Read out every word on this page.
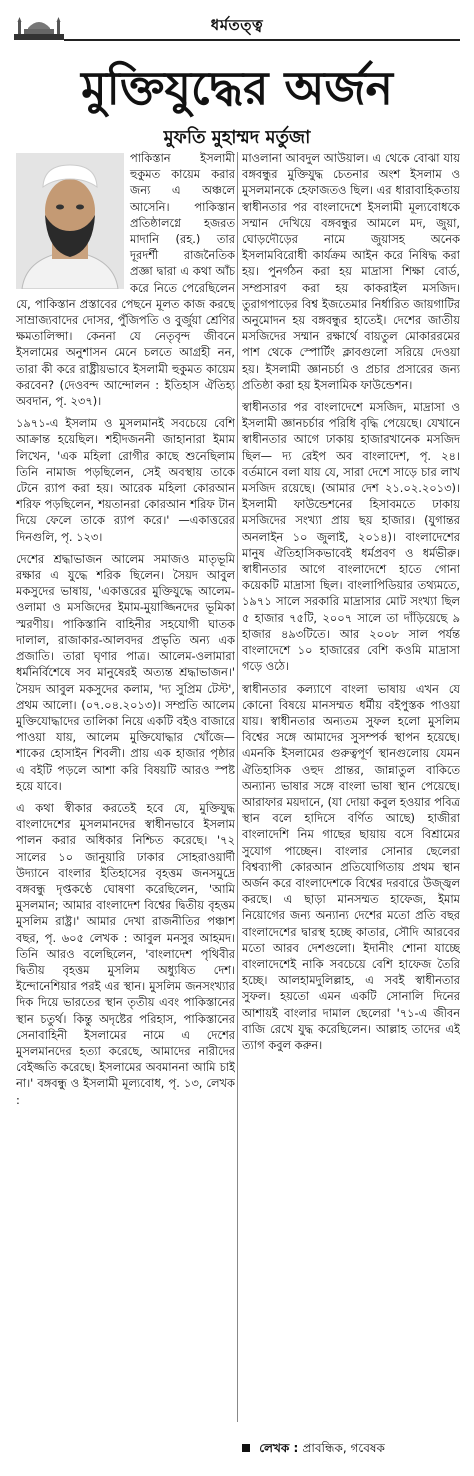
ধর্মতত্ত্ব
মুক্তিযুদ্ধের অর্জন
মুফতি মুহাম্মদ মর্তুজা

পাকিস্তান ইসলামী হুকুমত কায়েম করার জন্য এ অঞ্চলে আসেনি। পাকিস্তান প্রতিষ্ঠালগ্নে হজরত মাদানি (রহ.) তার দূরদর্শী রাজনৈতিক প্রজ্ঞা দ্বারা এ কথা আঁচ করে নিতে পেরেছিলেন যে, পাকিস্তান প্রস্তাবের পেছনে মূলত কাজ করছে সাম্রাজ্যবাদের দোসর, পুঁজিপতি ও বুর্জুয়া শ্রেণির ক্ষমতালিপ্সা। কেননা যে নেতৃবৃন্দ জীবনে ইসলামের অনুশাসন মেনে চলতে আগ্রহী নন, তারা কী করে রাষ্ট্রীয়ভাবে ইসলামী হুকুমত কায়েম করবেন? (দেওবন্দ আন্দোলন : ইতিহাস ঐতিহ্য অবদান, পৃ. ২৩৭)।

১৯৭১-এ ইসলাম ও মুসলমানই সবচেয়ে বেশি আক্রান্ত হয়েছিল। শহীদজননী জাহানারা ইমাম লিখেন, 'এক মহিলা রোগীর কাছে শুনেছিলাম তিনি নামাজ পড়ছিলেন, সেই অবস্থায় তাকে টেনে র‌্যাপ করা হয়। আরেক মহিলা কোরআন শরিফ পড়ছিলেন, শয়তানরা কোরআন শরিফ টান দিয়ে ফেলে তাকে র‌্যাপ করে।' —একাত্তরের দিনগুলি, পৃ. ১২৩।

দেশের শ্রদ্ধাভাজন আলেম সমাজও মাতৃভূমি রক্ষার এ যুদ্ধে শরিক ছিলেন। সৈয়দ আবুল মকসুদের ভাষায়, 'একাত্তরের মুক্তিযুদ্ধে আলেম-ওলামা ও মসজিদের ইমাম-মুয়াজ্জিনদের ভূমিকা স্মরণীয়। পাকিস্তানি বাহিনীর সহযোগী ঘাতক দালাল, রাজাকার-আলবদর প্রভৃতি অন্য এক প্রজাতি। তারা ঘৃণার পাত্র। আলেম-ওলামারা ধর্মনির্বিশেষে সব মানুষেরই অত্যন্ত শ্রদ্ধাভাজন।' সৈয়দ আবুল মকসুদের কলাম, 'দ্য সুপ্রিম টেস্ট', প্রথম আলো। (০৭.০৪.২০১৩)। সম্প্রতি আলেম মুক্তিযোদ্ধাদের তালিকা নিয়ে একটি বইও বাজারে পাওয়া যায়, আলেম মুক্তিযোদ্ধার খোঁজে— শাকের হোসাইন শিবলী। প্রায় এক হাজার পৃষ্ঠার এ বইটি পড়লে আশা করি বিষয়টি আরও স্পষ্ট হয়ে যাবে।

এ কথা স্বীকার করতেই হবে যে, মুক্তিযুদ্ধ বাংলাদেশের মুসলমানদের স্বাধীনভাবে ইসলাম পালন করার অধিকার নিশ্চিত করেছে। '৭২ সালের ১০ জানুয়ারি ঢাকার সোহরাওয়ার্দী উদ্যানে বাংলার ইতিহাসের বৃহত্তম জনসমুদ্রে বঙ্গবন্ধু দৃপ্তকণ্ঠে ঘোষণা করেছিলেন, 'আমি মুসলমান; আমার বাংলাদেশ বিশ্বের দ্বিতীয় বৃহত্তম মুসলিম রাষ্ট্র।' আমার দেখা রাজনীতির পঞ্চাশ বছর, পৃ. ৬০৫ লেখক : আবুল মনসুর আহমদ। তিনি আরও বলেছিলেন, 'বাংলাদেশ পৃথিবীর দ্বিতীয় বৃহত্তম মুসলিম অধ্যুষিত দেশ। ইন্দোনেশিয়ার পরই এর স্থান। মুসলিম জনসংখ্যার দিক দিয়ে ভারতের স্থান তৃতীয় এবং পাকিস্তানের স্থান চতুর্থ। কিন্তু অদৃষ্টের পরিহাস, পাকিস্তানের সেনাবাহিনী ইসলামের নামে এ দেশের মুসলমানদের হত্যা করেছে, আমাদের নারীদের বেইজ্জতি করেছে। ইসলামের অবমাননা আমি চাই না।' বঙ্গবন্ধু ও ইসলামী মূল্যবোধ, পৃ. ১৩, লেখক :

মাওলানা আবদুল আউয়াল। এ থেকে বোঝা যায় বঙ্গবন্ধুর মুক্তিযুদ্ধ চেতনার অংশ ইসলাম ও মুসলমানকে হেফাজতও ছিল। এর ধারাবাহিকতায় স্বাধীনতার পর বাংলাদেশে ইসলামী মূল্যবোধকে সম্মান দেখিয়ে বঙ্গবন্ধুর আমলে মদ, জুয়া, ঘোড়দৌড়ের নামে জুয়াসহ অনেক ইসলামবিরোধী কার্যক্রম আইন করে নিষিদ্ধ করা হয়। পুনর্গঠন করা হয় মাদ্রাসা শিক্ষা বোর্ড, সম্প্রসারণ করা হয় কাকরাইল মসজিদ। তুরাগপাড়ের বিশ্ব ইজতেমার নির্ধারিত জায়গাটির অনুমোদন হয় বঙ্গবন্ধুর হাতেই। দেশের জাতীয় মসজিদের সম্মান রক্ষার্থে বায়তুল মোকাররমের পাশ থেকে স্পোর্টিং ক্লাবগুলো সরিয়ে দেওয়া হয়। ইসলামী জ্ঞানচর্চা ও প্রচার প্রসারের জন্য প্রতিষ্ঠা করা হয় ইসলামিক ফাউন্ডেশন।

স্বাধীনতার পর বাংলাদেশে মসজিদ, মাদ্রাসা ও ইসলামী জ্ঞানচর্চার পরিধি বৃদ্ধি পেয়েছে। যেখানে স্বাধীনতার আগে ঢাকায় হাজারখানেক মসজিদ ছিল— দ্য রেইপ অব বাংলাদেশ, পৃ. ২৪। বর্তমানে বলা যায় যে, সারা দেশে সাড়ে চার লাখ মসজিদ রয়েছে। (আমার দেশ ২১.০২.২০১৩)। ইসলামী ফাউন্ডেশনের হিসাবমতে ঢাকায় মসজিদের সংখ্যা প্রায় ছয় হাজার। (যুগান্তর অনলাইন ১০ জুলাই, ২০১৪)। বাংলাদেশের মানুষ ঐতিহাসিকভাবেই ধর্মপ্রবণ ও ধর্মভীরু। স্বাধীনতার আগে বাংলাদেশে হাতে গোনা কয়েকটি মাদ্রাসা ছিল। বাংলাপিডিয়ার তথ্যমতে, ১৯৭১ সালে সরকারি মাদ্রাসার মোট সংখ্যা ছিল ৫ হাজার ৭৫টি, ২০০৭ সালে তা দাঁড়িয়েছে ৯ হাজার ৪৯৩টিতে। আর ২০০৮ সাল পর্যন্ত বাংলাদেশে ১০ হাজারের বেশি কওমি মাদ্রাসা গড়ে ওঠে।

স্বাধীনতার কল্যাণে বাংলা ভাষায় এখন যে কোনো বিষয়ে মানসম্মত ধর্মীয় বইপুস্তক পাওয়া যায়। স্বাধীনতার অন্যতম সুফল হলো মুসলিম বিশ্বের সঙ্গে আমাদের সুসম্পর্ক স্থাপন হয়েছে। এমনকি ইসলামের গুরুত্বপূর্ণ স্থানগুলোয় যেমন ঐতিহাসিক ওহুদ প্রান্তর, জান্নাতুল বাকিতে অন্যান্য ভাষার সঙ্গে বাংলা ভাষা স্থান পেয়েছে। আরাফার ময়দানে, (যা দোয়া কবুল হওয়ার পবিত্র স্থান বলে হাদিসে বর্ণিত আছে) হাজীরা বাংলাদেশি নিম গাছের ছায়ায় বসে বিশ্রামের সুযোগ পাচ্ছেন। বাংলার সোনার ছেলেরা বিশ্বব্যাপী কোরআন প্রতিযোগিতায় প্রথম স্থান অর্জন করে বাংলাদেশকে বিশ্বের দরবারে উজ্জ্বল করছে। এ ছাড়া মানসম্মত হাফেজ, ইমাম নিয়োগের জন্য অন্যান্য দেশের মতো প্রতি বছর বাংলাদেশের দ্বারস্থ হচ্ছে কাতার, সৌদি আরবের মতো আরব দেশগুলো। ইদানীং শোনা যাচ্ছে বাংলাদেশেই নাকি সবচেয়ে বেশি হাফেজ তৈরি হচ্ছে। আলহামদুলিল্লাহ, এ সবই স্বাধীনতার সুফল। হয়তো এমন একটি সোনালি দিনের আশায়ই বাংলার দামাল ছেলেরা '৭১-এ জীবন বাজি রেখে যুদ্ধ করেছিলেন। আল্লাহ তাদের এই ত্যাগ কবুল করুন।

লেখক : প্রাবন্ধিক, গবেষক
